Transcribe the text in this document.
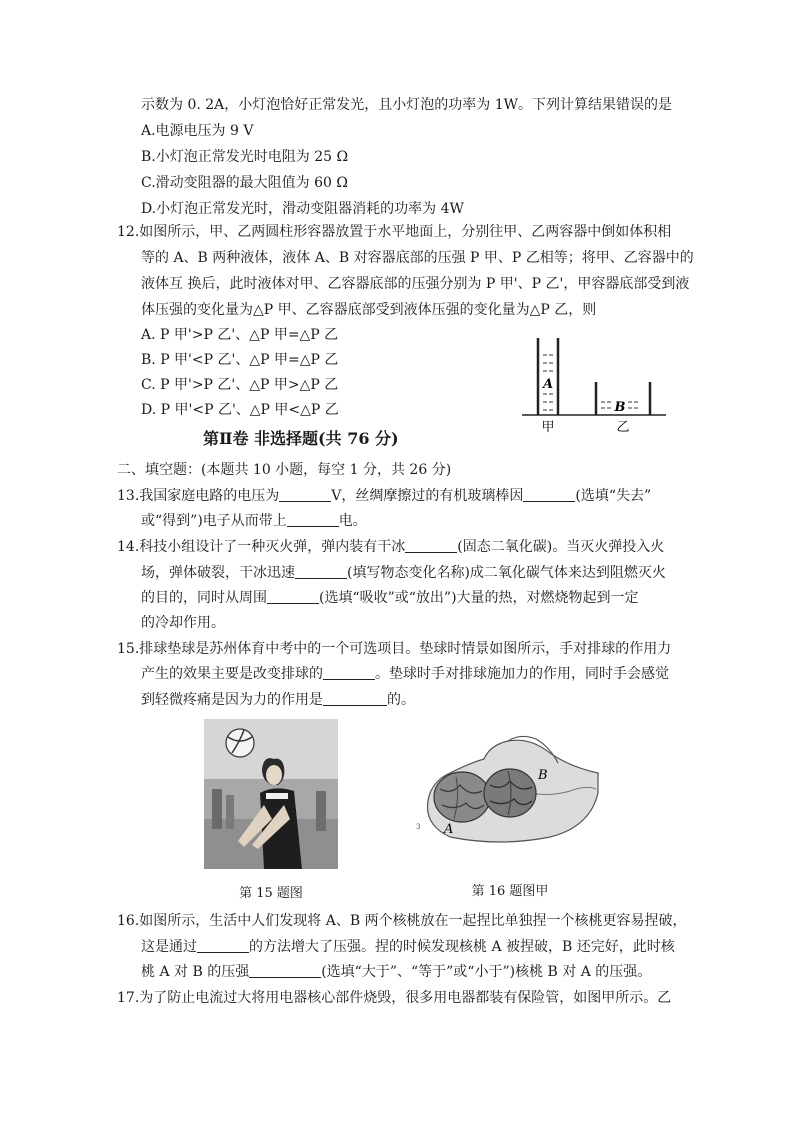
示数为 0. 2A，小灯泡恰好正常发光，且小灯泡的功率为 1W。下列计算结果错误的是
A.电源电压为 9 V
B.小灯泡正常发光时电阻为 25 Ω
C.滑动变阻器的最大阻值为 60 Ω
D.小灯泡正常发光时，滑动变阻器消耗的功率为 4W
12.如图所示，甲、乙两圆柱形容器放置于水平地面上，分别往甲、乙两容器中倒如体积相
等的 A、B 两种液体，液体 A、B 对容器底部的压强 P 甲、P 乙相等；将甲、乙容器中的
液体互 换后，此时液体对甲、乙容器底部的压强分别为 P 甲'、P 乙'，甲容器底部受到液
体压强的变化量为△P 甲、乙容器底部受到液体压强的变化量为△P 乙，则
A. P 甲'>P 乙'、△P 甲=△P 乙
B. P 甲'<P 乙'、△P 甲=△P 乙
C. P 甲'>P 乙'、△P 甲>△P 乙
D. P 甲'<P 乙'、△P 甲<△P 乙
A
B
甲	乙
第Ⅱ卷 非选择题(共 76 分)
二、填空题：(本题共 10 小题，每空 1 分，共 26 分)
13.我国家庭电路的电压为	V，丝绸摩擦过的有机玻璃棒因	(选填“失去”
或“得到”)电子从而带上	电。
14.科技小组设计了一种灭火弹，弹内装有干冰	(固态二氧化碳)。当灭火弹投入火
场，弹体破裂，干冰迅速	(填写物态变化名称)成二氧化碳气体来达到阻燃灭火
的目的，同时从周围	(选填“吸收”或“放出”)大量的热，对燃烧物起到一定
的冷却作用。
15.排球垫球是苏州体育中考中的一个可选项目。垫球时情景如图所示，手对排球的作用力
产生的效果主要是改变排球的	。垫球时手对排球施加力的作用，同时手会感觉
到轻微疼痛是因为力的作用是	的。
第 15 题图
B
A
3
第 16 题图甲
16.如图所示，生活中人们发现将 A、B 两个核桃放在一起捏比单独捏一个核桃更容易捏破，
这是通过	的方法增大了压强。捏的时候发现核桃 A 被捏破，B 还完好，此时核
桃 A 对 B 的压强	(选填“大于”、“等于”或“小于”)核桃 B 对 A 的压强。
17.为了防止电流过大将用电器核心部件烧毁，很多用电器都装有保险管，如图甲所示。乙
